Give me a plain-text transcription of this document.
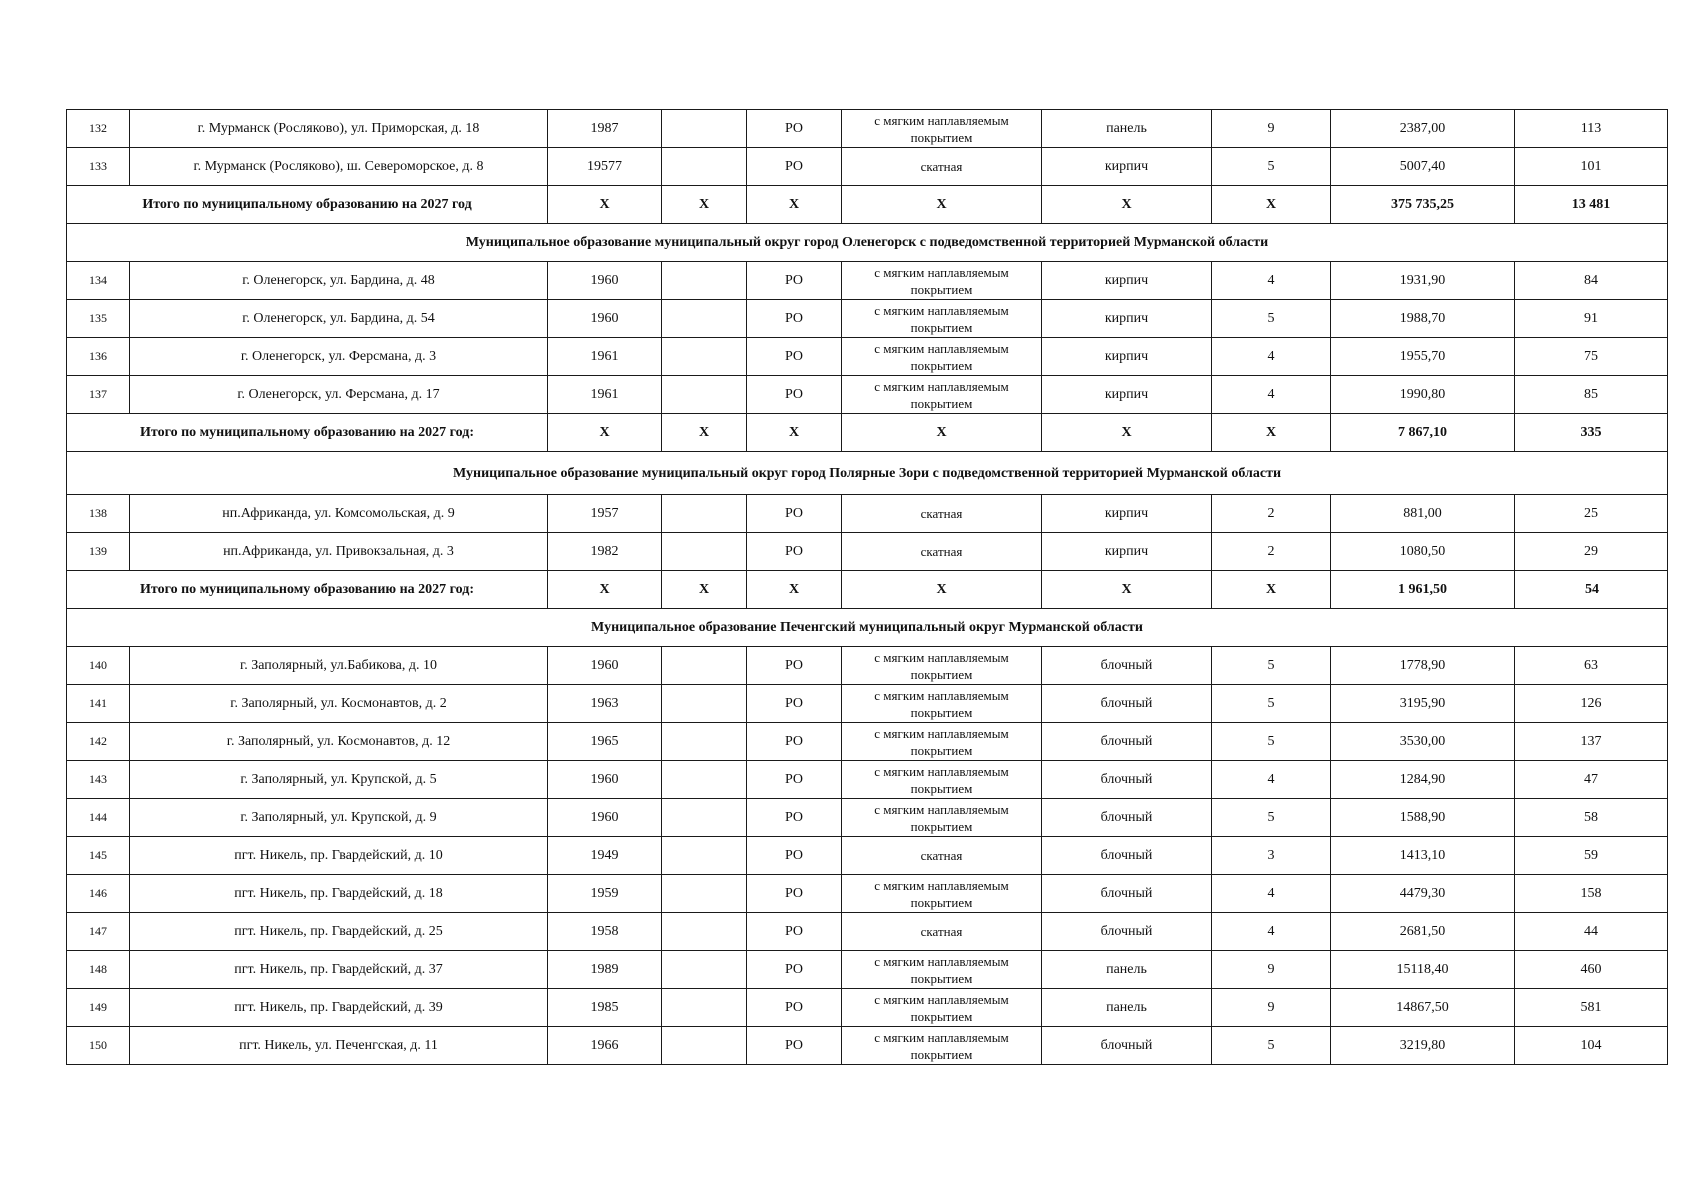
132	г. Мурманск (Росляково), ул. Приморская, д. 18	1987		РО	с мягким наплавляемым покрытием	панель	9	2387,00	113
133	г. Мурманск (Росляково), ш. Североморское, д. 8	19577		РО	скатная	кирпич	5	5007,40	101
Итого по муниципальному образованию на 2027 год		Х	Х	Х	Х	Х	Х	375 735,25	13 481
Муниципальное образование муниципальный округ город Оленегорск с подведомственной территорией Мурманской области									
134	г. Оленегорск, ул. Бардина, д. 48	1960		РО	с мягким наплавляемым покрытием	кирпич	4	1931,90	84
135	г. Оленегорск, ул. Бардина, д. 54	1960		РО	с мягким наплавляемым покрытием	кирпич	5	1988,70	91
136	г. Оленегорск, ул. Ферсмана, д. 3	1961		РО	с мягким наплавляемым покрытием	кирпич	4	1955,70	75
137	г. Оленегорск, ул. Ферсмана, д. 17	1961		РО	с мягким наплавляемым покрытием	кирпич	4	1990,80	85
Итого по муниципальному образованию на 2027 год:		Х	Х	Х	Х	Х	Х	7 867,10	335
Муниципальное образование муниципальный округ город Полярные Зори с подведомственной территорией Мурманской области									
138	нп.Африканда, ул. Комсомольская, д. 9	1957		РО	скатная	кирпич	2	881,00	25
139	нп.Африканда, ул. Привокзальная, д. 3	1982		РО	скатная	кирпич	2	1080,50	29
Итого по муниципальному образованию на 2027 год:		Х	Х	Х	Х	Х	Х	1 961,50	54
Муниципальное образование Печенгский муниципальный округ Мурманской области									
140	г. Заполярный, ул.Бабикова, д. 10	1960		РО	с мягким наплавляемым покрытием	блочный	5	1778,90	63
141	г. Заполярный, ул. Космонавтов, д. 2	1963		РО	с мягким наплавляемым покрытием	блочный	5	3195,90	126
142	г. Заполярный, ул. Космонавтов, д. 12	1965		РО	с мягким наплавляемым покрытием	блочный	5	3530,00	137
143	г. Заполярный, ул. Крупской, д. 5	1960		РО	с мягким наплавляемым покрытием	блочный	4	1284,90	47
144	г. Заполярный, ул. Крупской, д. 9	1960		РО	с мягким наплавляемым покрытием	блочный	5	1588,90	58
145	пгт. Никель, пр. Гвардейский, д. 10	1949		РО	скатная	блочный	3	1413,10	59
146	пгт. Никель, пр. Гвардейский, д. 18	1959		РО	с мягким наплавляемым покрытием	блочный	4	4479,30	158
147	пгт. Никель, пр. Гвардейский, д. 25	1958		РО	скатная	блочный	4	2681,50	44
148	пгт. Никель, пр. Гвардейский, д. 37	1989		РО	с мягким наплавляемым покрытием	панель	9	15118,40	460
149	пгт. Никель, пр. Гвардейский, д. 39	1985		РО	с мягким наплавляемым покрытием	панель	9	14867,50	581
150	пгт. Никель, ул. Печенгская, д. 11	1966		РО	с мягким наплавляемым покрытием	блочный	5	3219,80	104
